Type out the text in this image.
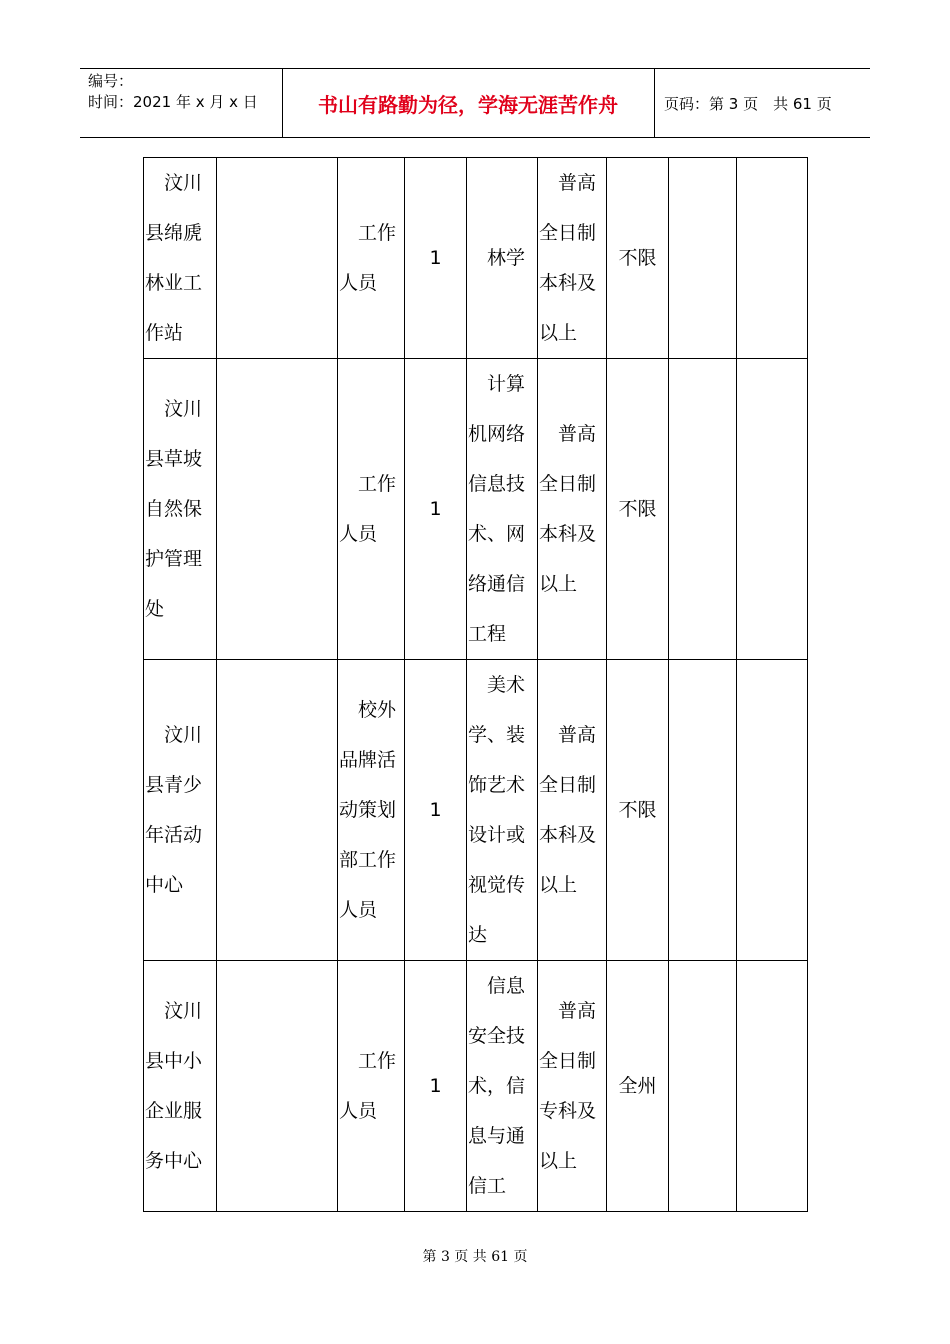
编号：
时间：2021 年 x 月 x 日	书山有路勤为径，学海无涯苦作舟	页码：第 3 页　共 61 页
汶川县绵虒林业工作站		工作人员	1	林学	普高全日制本科及以上	不限		
汶川县草坡自然保护管理处		工作人员	1	计算机网络信息技术、网络通信工程	普高全日制本科及以上	不限		
汶川县青少年活动中心		校外品牌活动策划部工作人员	1	美术学、装饰艺术设计或视觉传达	普高全日制本科及以上	不限		
汶川县中小企业服务中心		工作人员	1	信息安全技术，信息与通信工	普高全日制专科及以上	全州		
第 3 页 共 61 页
